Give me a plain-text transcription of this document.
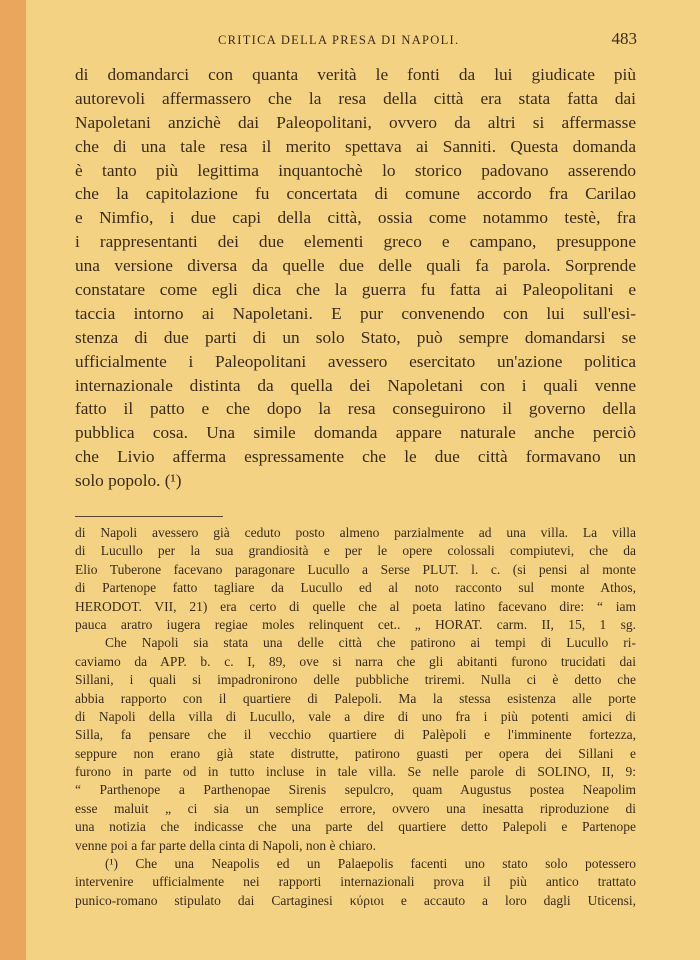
CRITICA DELLA PRESA DI NAPOLI.	483
di domandarci con quanta verità le fonti da lui giudicate più
autorevoli affermassero che la resa della città era stata fatta dai
Napoletani anzichè dai Paleopolitani, ovvero da altri si affermasse
che di una tale resa il merito spettava ai Sanniti. Questa domanda
è tanto più legittima inquantochè lo storico padovano asserendo
che la capitolazione fu concertata di comune accordo fra Carilao
e Nimfio, i due capi della città, ossia come notammo testè, fra
i rappresentanti dei due elementi greco e campano, presuppone
una versione diversa da quelle due delle quali fa parola. Sorprende
constatare come egli dica che la guerra fu fatta ai Paleopolitani e
taccia intorno ai Napoletani. E pur convenendo con lui sull'esi-
stenza di due parti di un solo Stato, può sempre domandarsi se
ufficialmente i Paleopolitani avessero esercitato un'azione politica
internazionale distinta da quella dei Napoletani con i quali venne
fatto il patto e che dopo la resa conseguirono il governo della
pubblica cosa. Una simile domanda appare naturale anche perciò
che Livio afferma espressamente che le due città formavano un
solo popolo. (¹)
di Napoli avessero già ceduto posto almeno parzialmente ad una villa. La villa
di Lucullo per la sua grandiosità e per le opere colossali compiutevi, che da
Elio Tuberone facevano paragonare Lucullo a Serse PLUT. l. c. (si pensi al monte
di Partenope fatto tagliare da Lucullo ed al noto racconto sul monte Athos,
HERODOT. VII, 21) era certo di quelle che al poeta latino facevano dire: “ iam
pauca aratro iugera regiae moles relinquent cet.. „ HORAT. carm. II, 15, 1 sg.
Che Napoli sia stata una delle città che patirono ai tempi di Lucullo ri-
caviamo da APP. b. c. I, 89, ove si narra che gli abitanti furono trucidati dai
Sillani, i quali si impadronirono delle pubbliche triremi. Nulla ci è detto che
abbia rapporto con il quartiere di Palepoli. Ma la stessa esistenza alle porte
di Napoli della villa di Lucullo, vale a dire di uno fra i più potenti amici di
Silla, fa pensare che il vecchio quartiere di Palèpoli e l'imminente fortezza,
seppure non erano già state distrutte, patirono guasti per opera dei Sillani e
furono in parte od in tutto incluse in tale villa. Se nelle parole di SOLINO, II, 9:
“ Parthenope a Parthenopae Sirenis sepulcro, quam Augustus postea Neapolim
esse maluit „ ci sia un semplice errore, ovvero una inesatta riproduzione di
una notizia che indicasse che una parte del quartiere detto Palepoli e Partenope
venne poi a far parte della cinta di Napoli, non è chiaro.
(¹) Che una Neapolis ed un Palaepolis facenti uno stato solo potessero
intervenire ufficialmente nei rapporti internazionali prova il più antico trattato
punico-romano stipulato dai Cartaginesi κύριοι e accauto a loro dagli Uticensi,
